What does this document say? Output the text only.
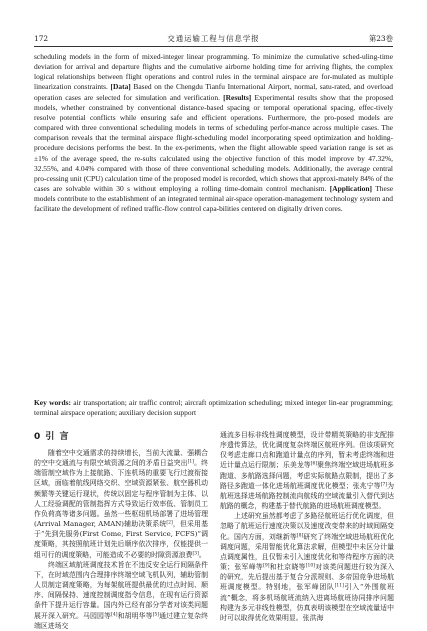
172	交通运输工程与信息学报	第23卷

scheduling models in the form of mixed-integer linear programming. To minimize the cumulative sched-uling-time deviation for arrival and departure flights and the cumulative airborne holding time for arriving flights, the complex logical relationships between flight operations and control rules in the terminal airspace are for-mulated as multiple linearization constraints. [Data] Based on the Chengdu Tianfu International Airport, normal, satu-rated, and overload operation cases are selected for simulation and verification. [Results] Experimental results show that the proposed models, whether constrained by conventional distance-based spacing or temporal operational spacing, effec-tively resolve potential conflicts while ensuring safe and efficient operations. Furthermore, the pro-posed models are compared with three conventional scheduling models in terms of scheduling perfor-mance across multiple cases. The comparison reveals that the terminal airspace flight-scheduling model incorporating speed optimization and holding-procedure decisions performs the best. In the ex-periments, when the flight allowable speed variation range is set as ±1% of the average speed, the re-sults calculated using the objective function of this model improve by 47.32%, 32.55%, and 4.04% compared with those of three conventional scheduling models. Additionally, the average central pro-cessing unit (CPU) calculation time of the proposed model is recorded, which shows that approxi-mately 84% of the cases are solvable within 30 s without employing a rolling time-domain control mechanism. [Application] These models contribute to the establishment of an integrated terminal air-space operation-management technology system and facilitate the development of refined traffic-flow control capa-bilities centered on digitally driven cores.

Key words: air transportation; air traffic control; aircraft optimization scheduling; mixed integer lin-ear programming; terminal airspace operation; auxiliary decision support

0 引 言

随着空中交通需求的持续增长，当前大流量、强耦合的空中交通流与有限空域资源之间的矛盾日益突出[1]。终端管制空域作为上接航路、下连机场的重要飞行过渡衔接区域，面临着航线网络交织、空域资源紧张、航空器机动频繁等关键运行现状，传统以固定与程序管制为主体、以人工经验调配的管制指挥方式导致运行效率低、管制员工作负荷高等诸多问题。虽然一些枢纽机场部署了进场管理(Arrival Manager, AMAN)辅助决策系统[2]，但采用基于“先到先服务(First Come, First Service, FCFS)”调度策略，其按照航班计划先后顺序依次排序，仅能提供一组可行的调度策略，可能造成不必要的时隙资源浪费[3]。

终端区域航班调度技术旨在不违反安全运行间隔条件下，在时域范围内合理排序终端空域飞机队列，辅助管制人员制定调度策略，为每架航班提供最优的过点时间、顺序、间隔保持、速度控制调度指令信息，在现有运行资源条件下提升运行容量。国内外已经有部分学者对该类问题展开深入研究。马园园等[4]和胡明华等[5]通过建立复杂终端区进场交

通流多目标非线性调度模型，设计带精英策略的非支配排序遗传算法，优化调度复杂终端区航班序列。但该项研究仅考虑走廊口点和跑道计量点的序列，暂未考虑终端和进近计量点运行限制；乐美龙等[6]聚焦终端空域进场航班多跑道、多航路选择问题，考虑实际航路点限制，提出了多路径多跑道一体化进场航班调度优化模型；张兆宁等[7]为航班选择进场航路控制流向航线的空域流量引入替代到达航路的概念，构建基于替代航路的进场航班调度模型。

上述研究虽然都考虑了多路径航班运行优化调度，但忽略了航班运行速度决策以及速度改变带来的时域间隔变化。国内方面，刘继新等[8]研究了终端空域进场航班优化调度问题，采用智能优化算法求解，但模型中未区分计量点调度属性，且仅暂未引入速度优化和等待程序方面的决策；张军峰等[9]和杜京晓等[10]对该类问题进行较为深入的研究，先后提出基于复合分派规则、多帝国竞争进场航班调度模型。特别地，张军峰团队[11]引入“外围航班流”概念，将多机场航班流纳入进离场航班协同排序问题构建为多元非线性模型，仿真表明该模型在空域流量适中时可以取得优化效果明显。张洪海
